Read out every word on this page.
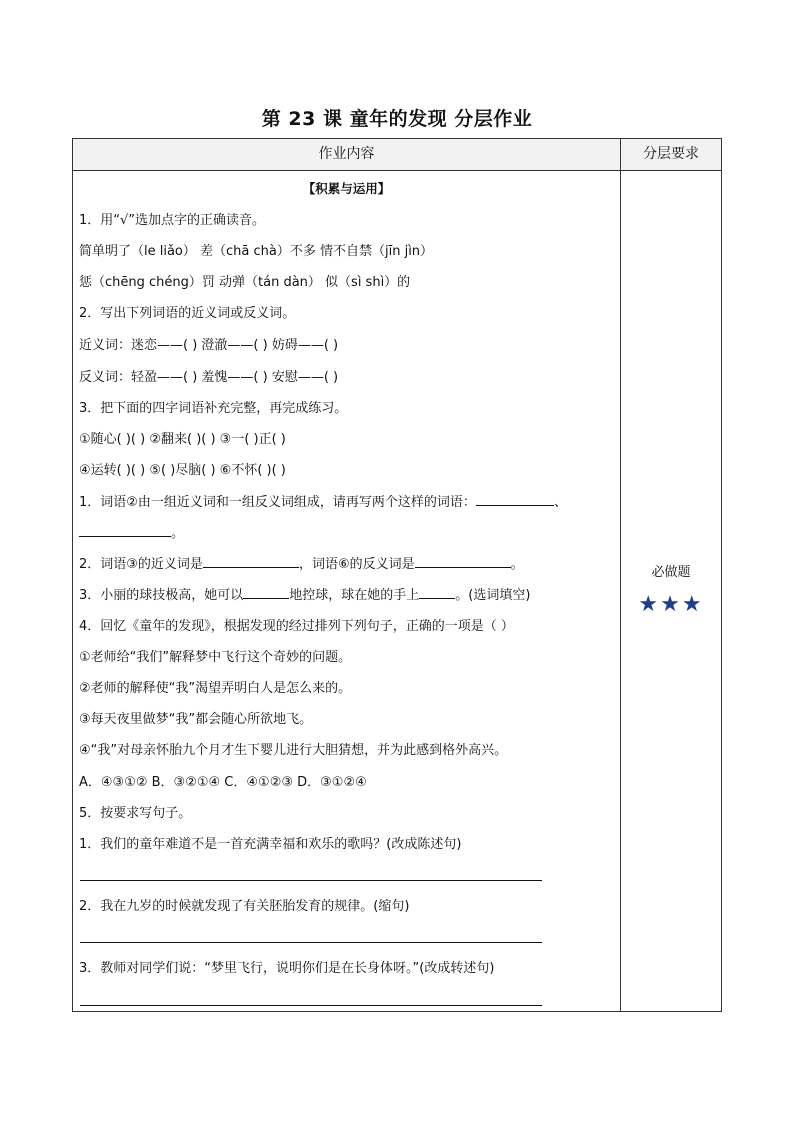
第 23 课 童年的发现 分层作业
作业内容	分层要求
【积累与运用】
1．用“√”选加点字的正确读音。
简单明了（le liǎo） 差（chā chà）不多 情不自禁（jīn jìn）
惩（chēng chéng）罚 动弹（tán dàn） 似（sì shì）的
2．写出下列词语的近义词或反义词。
近义词：迷恋——( ) 澄澈——( ) 妨碍——( )
反义词：轻盈——( ) 羞愧——( ) 安慰——( )
3．把下面的四字词语补充完整，再完成练习。
①随心( )( ) ②翻来( )( ) ③一( )正( )
④运转( )( ) ⑤( )尽脑( ) ⑥不怀( )( )
1．词语②由一组近义词和一组反义词组成，请再写两个这样的词语：	、
。
2．词语③的近义词是	，词语⑥的反义词是	。
3．小丽的球技极高，她可以	地控球，球在她的手上	。(选词填空)
4．回忆《童年的发现》，根据发现的经过排列下列句子，正确的一项是（ ）
①老师给“我们”解释梦中飞行这个奇妙的问题。
②老师的解释使“我”渴望弄明白人是怎么来的。
③每天夜里做梦“我”都会随心所欲地飞。
④“我”对母亲怀胎九个月才生下婴儿进行大胆猜想，并为此感到格外高兴。
A．④③①② B．③②①④ C．④①②③ D．③①②④
5．按要求写句子。
1．我们的童年难道不是一首充满幸福和欢乐的歌吗？(改成陈述句)
2．我在九岁的时候就发现了有关胚胎发育的规律。(缩句)
3．教师对同学们说：“梦里飞行，说明你们是在长身体呀。”(改成转述句)
必做题
★★★
